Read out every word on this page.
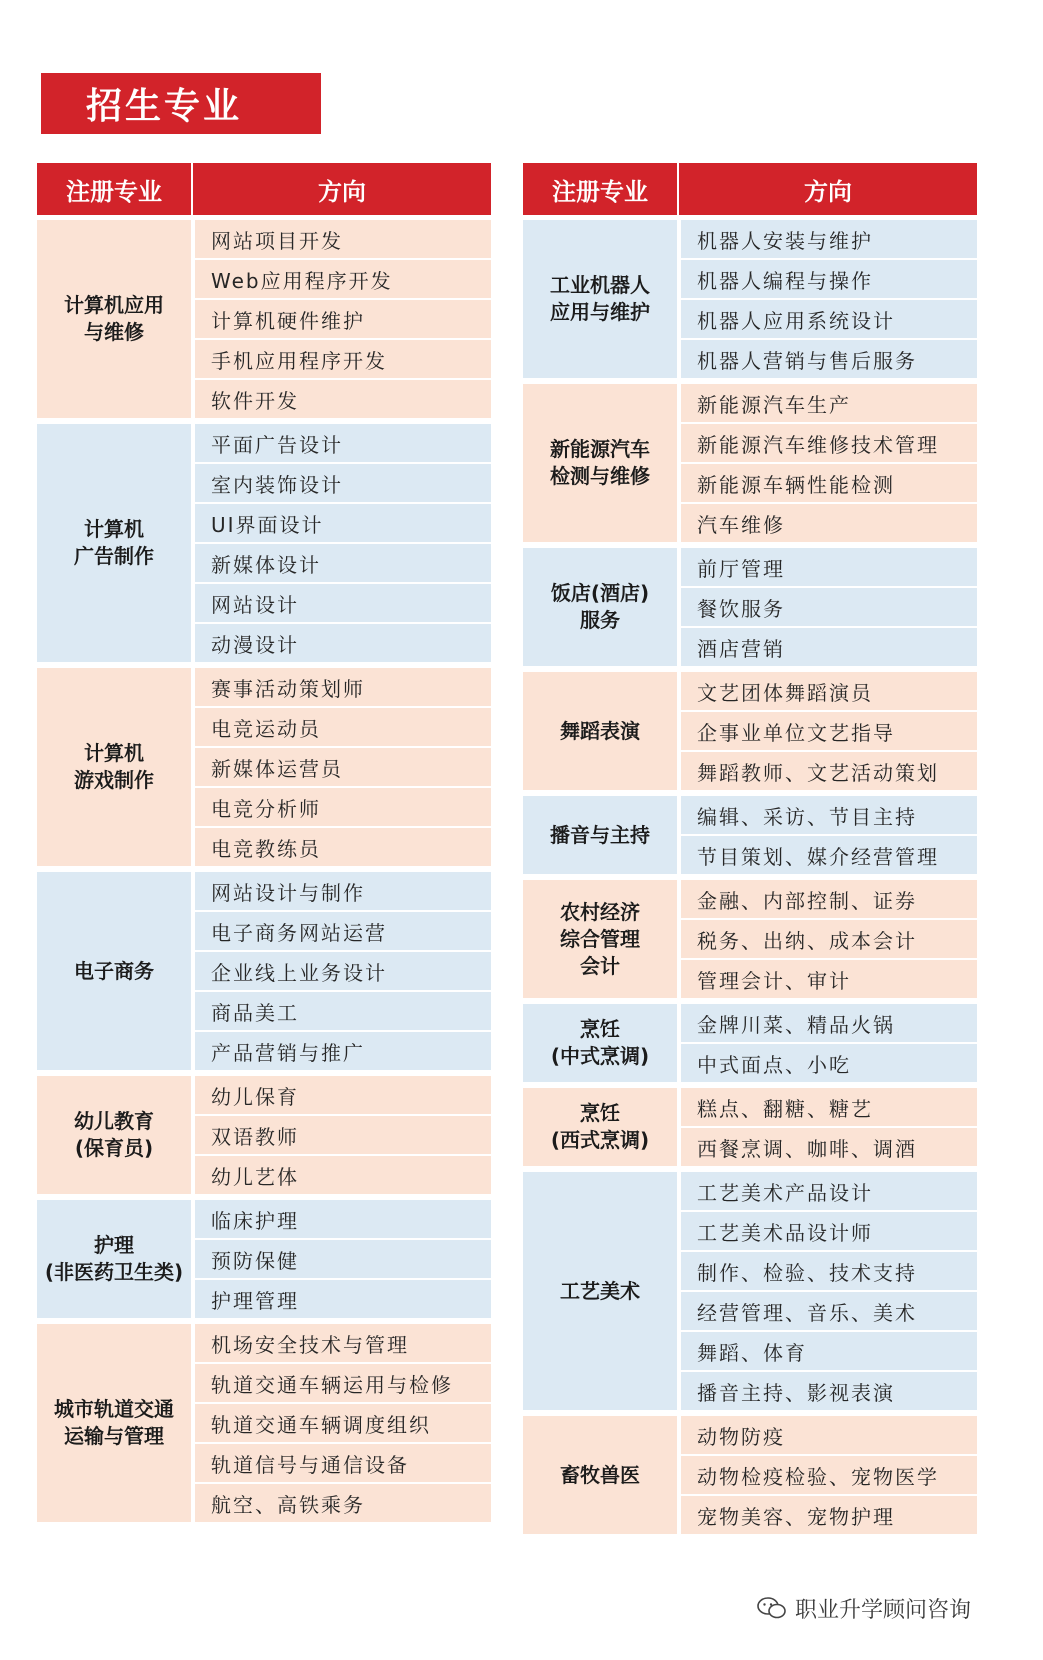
招生专业
注册专业	方向
计算机应用
与维修
网站项目开发
Web应用程序开发
计算机硬件维护
手机应用程序开发
软件开发
计算机
广告制作
平面广告设计
室内装饰设计
UI界面设计
新媒体设计
网站设计
动漫设计
计算机
游戏制作
赛事活动策划师
电竞运动员
新媒体运营员
电竞分析师
电竞教练员
电子商务
网站设计与制作
电子商务网站运营
企业线上业务设计
商品美工
产品营销与推广
幼儿教育
(保育员)
幼儿保育
双语教师
幼儿艺体
护理
(非医药卫生类)
临床护理
预防保健
护理管理
城市轨道交通
运输与管理
机场安全技术与管理
轨道交通车辆运用与检修
轨道交通车辆调度组织
轨道信号与通信设备
航空、高铁乘务
注册专业	方向
工业机器人
应用与维护
机器人安装与维护
机器人编程与操作
机器人应用系统设计
机器人营销与售后服务
新能源汽车
检测与维修
新能源汽车生产
新能源汽车维修技术管理
新能源车辆性能检测
汽车维修
饭店(酒店)
服务
前厅管理
餐饮服务
酒店营销
舞蹈表演
文艺团体舞蹈演员
企事业单位文艺指导
舞蹈教师、文艺活动策划
播音与主持
编辑、采访、节目主持
节目策划、媒介经营管理
农村经济
综合管理
会计
金融、内部控制、证券
税务、出纳、成本会计
管理会计、审计
烹饪
(中式烹调)
金牌川菜、精品火锅
中式面点、小吃
烹饪
(西式烹调)
糕点、翻糖、糖艺
西餐烹调、咖啡、调酒
工艺美术
工艺美术产品设计
工艺美术品设计师
制作、检验、技术支持
经营管理、音乐、美术
舞蹈、体育
播音主持、影视表演
畜牧兽医
动物防疫
动物检疫检验、宠物医学
宠物美容、宠物护理
职业升学顾问咨询
